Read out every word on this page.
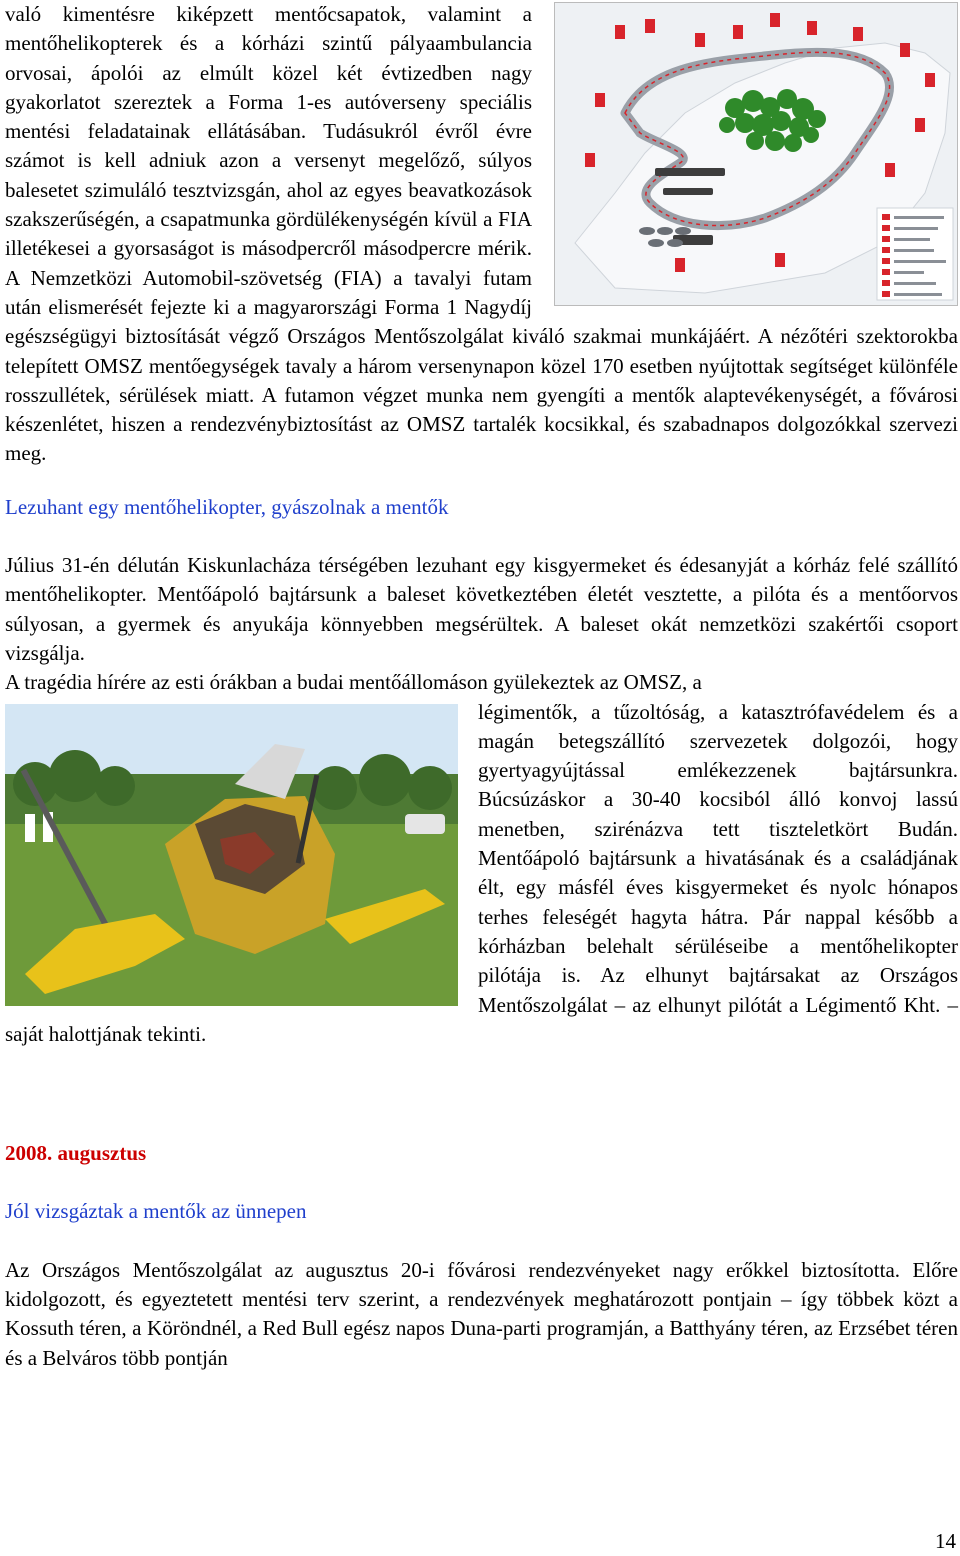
való kimentésre kiképzett mentőcsapatok, valamint a mentőhelikopterek és a kórházi szintű pályaambulancia orvosai, ápolói az elmúlt közel két évtizedben nagy gyakorlatot szereztek a Forma 1-es autóverseny speciális mentési feladatainak ellátásában. Tudásukról évről évre számot is kell adniuk azon a versenyt megelőző, súlyos balesetet szimuláló tesztvizsgán, ahol az egyes beavatkozások szakszerűségén, a csapatmunka gördülékenységén kívül a FIA illetékesei a gyorsaságot is másodpercről másodpercre mérik. A Nemzetközi Automobil-szövetség (FIA) a tavalyi futam után elismerését fejezte ki a magyarországi Forma 1 Nagydíj egészségügyi biztosítását végző Országos Mentőszolgálat kiváló szakmai munkájáért. A nézőtéri szektorokba telepített OMSZ mentőegységek tavaly a három versenynapon közel 170 esetben nyújtottak segítséget különféle rosszullétek, sérülések miatt. A futamon végzet munka nem gyengíti a mentők alaptevékenységét, a fővárosi készenlétet, hiszen a rendezvénybiztosítást az OMSZ tartalék kocsikkal, és szabadnapos dolgozókkal szervezi meg.

Lezuhant egy mentőhelikopter, gyászolnak a mentők

Július 31-én délután Kiskunlacháza térségében lezuhant egy kisgyermeket és édesanyját a kórház felé szállító mentőhelikopter. Mentőápoló bajtársunk a baleset következtében életét vesztette, a pilóta és a mentőorvos súlyosan, a gyermek és anyukája könnyebben megsérültek. A baleset okát nemzetközi szakértői csoport vizsgálja.

A tragédia hírére az esti órákban a budai mentőállomáson gyülekeztek az OMSZ, a

légimentők, a tűzoltóság, a katasztrófavédelem és a magán betegszállító szervezetek dolgozói, hogy gyertyagyújtással emlékezzenek bajtársunkra. Búcsúzáskor a 30-40 kocsiból álló konvoj lassú menetben, szirénázva tett tiszteletkört Budán. Mentőápoló bajtársunk a hivatásának és a családjának élt, egy másfél éves kisgyermeket és nyolc hónapos terhes feleségét hagyta hátra. Pár nappal később a kórházban belehalt sérüléseibe a mentőhelikopter pilótája is. Az elhunyt bajtársakat az Országos Mentőszolgálat – az elhunyt pilótát a Légimentő Kht. – saját halottjának tekinti.

2008. augusztus

Jól vizsgáztak a mentők az ünnepen

Az Országos Mentőszolgálat az augusztus 20-i fővárosi rendezvényeket nagy erőkkel biztosította. Előre kidolgozott, és egyeztetett mentési terv szerint, a rendezvények meghatározott pontjain – így többek közt a Kossuth téren, a Köröndnél, a Red Bull egész napos Duna-parti programján, a Batthyány téren, az Erzsébet téren és a Belváros több pontján

14
